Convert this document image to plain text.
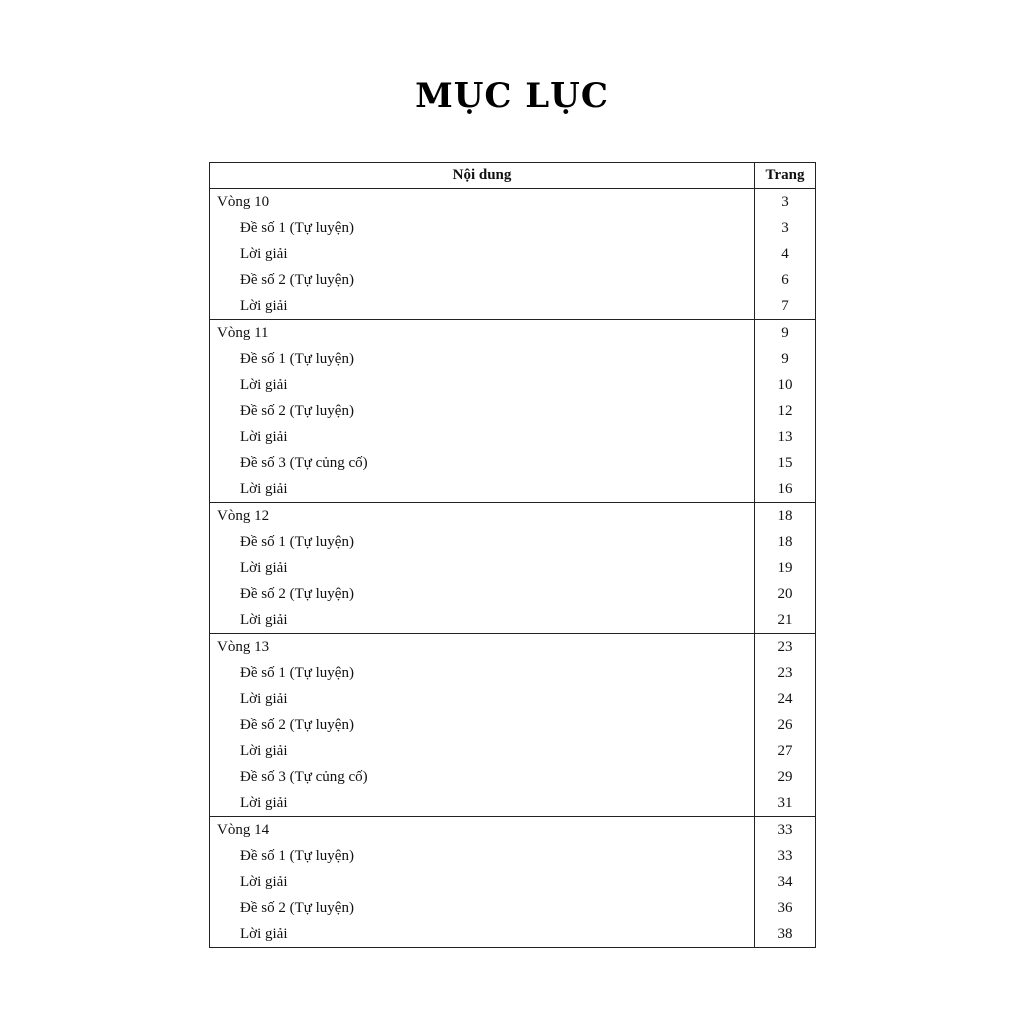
MỤC LỤC
Nội dung	Trang
Vòng 10	3
Đề số 1 (Tự luyện)	3
Lời giải	4
Đề số 2 (Tự luyện)	6
Lời giải	7
Vòng 11	9
Đề số 1 (Tự luyện)	9
Lời giải	10
Đề số 2 (Tự luyện)	12
Lời giải	13
Đề số 3 (Tự củng cố)	15
Lời giải	16
Vòng 12	18
Đề số 1 (Tự luyện)	18
Lời giải	19
Đề số 2 (Tự luyện)	20
Lời giải	21
Vòng 13	23
Đề số 1 (Tự luyện)	23
Lời giải	24
Đề số 2 (Tự luyện)	26
Lời giải	27
Đề số 3 (Tự củng cố)	29
Lời giải	31
Vòng 14	33
Đề số 1 (Tự luyện)	33
Lời giải	34
Đề số 2 (Tự luyện)	36
Lời giải	38
